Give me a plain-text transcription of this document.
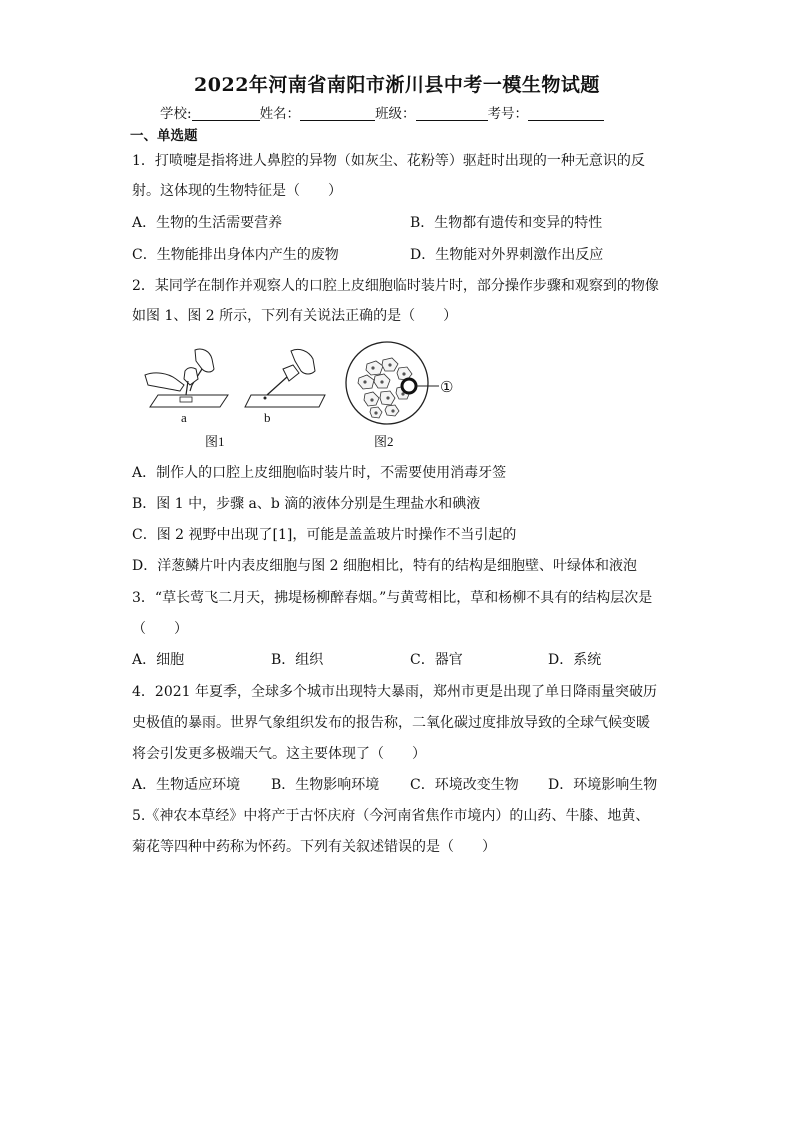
2022年河南省南阳市淅川县中考一模生物试题
学校:	姓名：	班级：	考号：
一、单选题
1．打喷嚏是指将进人鼻腔的异物（如灰尘、花粉等）驱赶时出现的一种无意识的反
射。这体现的生物特征是（　　）
A．生物的生活需要营养	B．生物都有遗传和变异的特性
C．生物能排出身体内产生的废物	D．生物能对外界刺激作出反应
2．某同学在制作并观察人的口腔上皮细胞临时装片时，部分操作步骤和观察到的物像
如图 1、图 2 所示，下列有关说法正确的是（　　）
a	b
图1
①
图2
A．制作人的口腔上皮细胞临时装片时，不需要使用消毒牙签
B．图 1 中，步骤 a、b 滴的液体分别是生理盐水和碘液
C．图 2 视野中出现了[1]，可能是盖盖玻片时操作不当引起的
D．洋葱鳞片叶内表皮细胞与图 2 细胞相比，特有的结构是细胞壁、叶绿体和液泡
3．“草长莺飞二月天，拂堤杨柳醉春烟。”与黄莺相比，草和杨柳不具有的结构层次是
（　　）
A．细胞	B．组织	C．器官	D．系统
4．2021 年夏季，全球多个城市出现特大暴雨，郑州市更是出现了单日降雨量突破历
史极值的暴雨。世界气象组织发布的报告称，二氧化碳过度排放导致的全球气候变暖
将会引发更多极端天气。这主要体现了（　　）
A．生物适应环境 B．生物影响环境 C．环境改变生物 D．环境影响生物
5.《神农本草经》中将产于古怀庆府（今河南省焦作市境内）的山药、牛膝、地黄、
菊花等四种中药称为怀药。下列有关叙述错误的是（　　）
